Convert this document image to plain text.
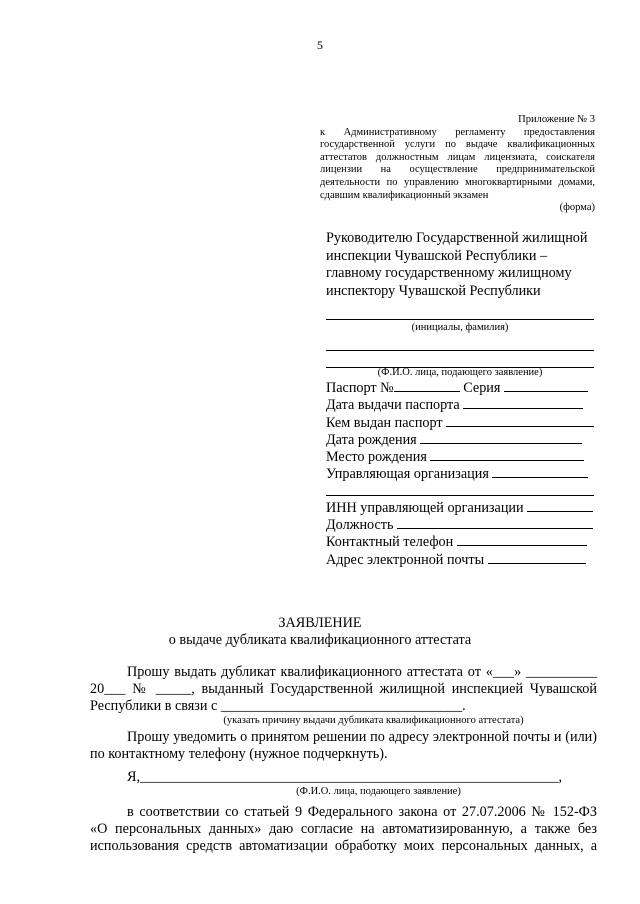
5
Приложение № 3
к Административному регламенту предоставления
государственной услуги по выдаче квалификационных
аттестатов должностным лицам лицензиата, соискателя
лицензии на осуществление предпринимательской
деятельности по управлению многоквартирными домами,
сдавшим квалификационный экзамен
(форма)
Руководителю Государственной жилищной
инспекции Чувашской Республики –
главному государственному жилищному
инспектору Чувашской Республики
(инициалы, фамилия)
(Ф.И.О. лица, подающего заявление)
Паспорт №	Серия
Дата выдачи паспорта
Кем выдан паспорт
Дата рождения
Место рождения
Управляющая организация
ИНН управляющей организации
Должность
Контактный телефон
Адрес электронной почты
ЗАЯВЛЕНИЕ
о выдаче дубликата квалификационного аттестата
Прошу выдать дубликат квалификационного аттестата от «___» __________
20___ № _____, выданный Государственной жилищной инспекцией Чувашской
Республики в связи с __________________________________.
(указать причину выдачи дубликата квалификационного аттестата)
Прошу уведомить о принятом решении по адресу электронной почты и (или)
по контактному телефону (нужное подчеркнуть).
Я,___________________________________________________________,
(Ф.И.О. лица, подающего заявление)
в соответствии со статьей 9 Федерального закона от 27.07.2006 № 152-ФЗ
«О персональных данных» даю согласие на автоматизированную, а также без
использования средств автоматизации обработку моих персональных данных, а
